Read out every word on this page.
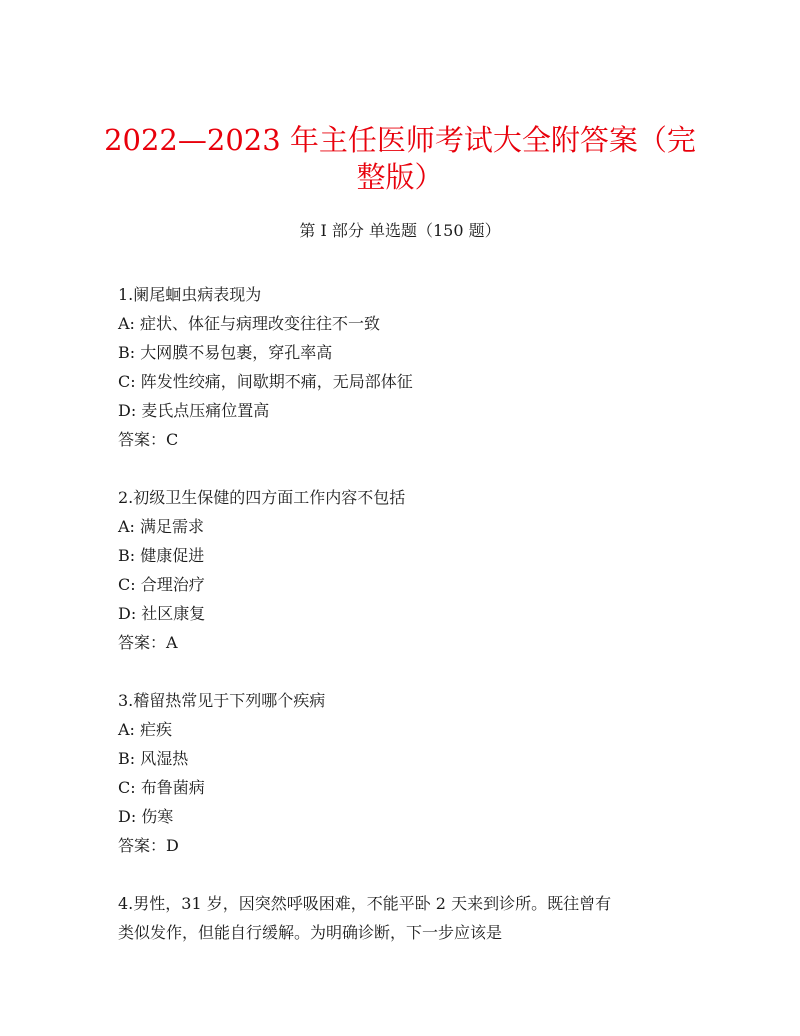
2022—2023 年主任医师考试大全附答案（完
整版）
第 I 部分 单选题（150 题）
1.阑尾蛔虫病表现为
A: 症状、体征与病理改变往往不一致
B: 大网膜不易包裹，穿孔率高
C: 阵发性绞痛，间歇期不痛，无局部体征
D: 麦氏点压痛位置高
答案：C
2.初级卫生保健的四方面工作内容不包括
A: 满足需求
B: 健康促进
C: 合理治疗
D: 社区康复
答案：A
3.稽留热常见于下列哪个疾病
A: 疟疾
B: 风湿热
C: 布鲁菌病
D: 伤寒
答案：D
4.男性，31 岁，因突然呼吸困难，不能平卧 2 天来到诊所。既往曾有
类似发作，但能自行缓解。为明确诊断，下一步应该是
